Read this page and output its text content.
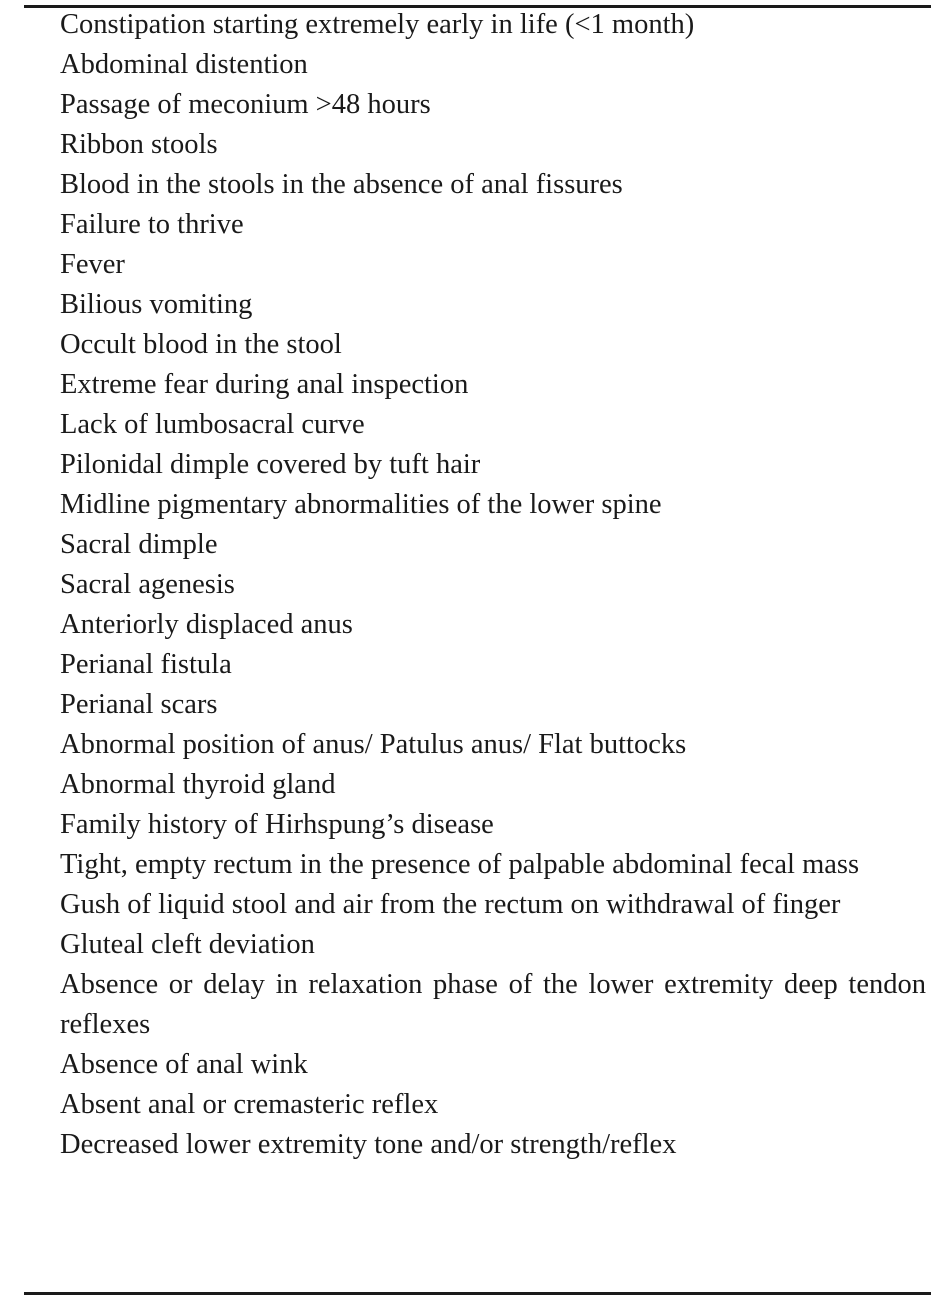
Constipation starting extremely early in life (<1 month)
Abdominal distention
Passage of meconium >48 hours
Ribbon stools
Blood in the stools in the absence of anal fissures
Failure to thrive
Fever
Bilious vomiting
Occult blood in the stool
Extreme fear during anal inspection
Lack of lumbosacral curve
Pilonidal dimple covered by tuft hair
Midline pigmentary abnormalities of the lower spine
Sacral dimple
Sacral agenesis
Anteriorly displaced anus
Perianal fistula
Perianal scars
Abnormal position of anus/ Patulus anus/ Flat buttocks
Abnormal thyroid gland
Family history of Hirhspung’s disease
Tight, empty rectum in the presence of palpable abdominal fecal mass
Gush of liquid stool and air from the rectum on withdrawal of finger
Gluteal cleft deviation
Absence or delay in relaxation phase of the lower extremity deep tendon reflexes
Absence of anal wink
Absent anal or cremasteric reflex
Decreased lower extremity tone and/or strength/reflex
